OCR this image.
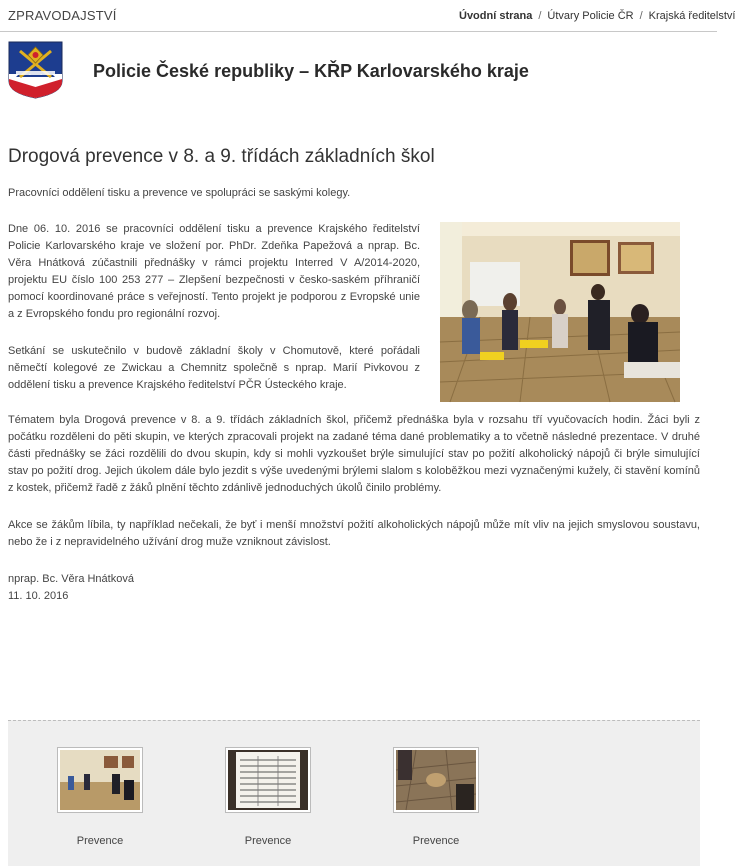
ZPRAVODAJSTVÍ	Úvodní strana / Útvary Policie ČR / Krajská ředitelství
Policie České republiky – KŘP Karlovarského kraje
Drogová prevence v 8. a 9. třídách základních škol

Pracovníci oddělení tisku a prevence ve spolupráci se saskými kolegy.

Dne 06. 10. 2016 se pracovníci oddělení tisku a prevence Krajského ředitelství Policie Karlovarského kraje ve složení por. PhDr. Zdeňka Papežová a nprap. Bc. Věra Hnátková zúčastnili přednášky v rámci projektu Interred V A/2014-2020, projektu EU číslo 100 253 277 – Zlepšení bezpečnosti v česko-saském příhraničí pomocí koordinované práce s veřejností. Tento projekt je podporou z Evropské unie a z Evropského fondu pro regionální rozvoj.

Setkání se uskutečnilo v budově základní školy v Chomutově, které pořádali němečtí kolegové ze Zwickau a Chemnitz společně s nprap. Marií Pivkovou z oddělení tisku a prevence Krajského ředitelství PČR Ústeckého kraje.

Tématem byla Drogová prevence v 8. a 9. třídách základních škol, přičemž přednáška byla v rozsahu tří vyučovacích hodin. Žáci byli z počátku rozděleni do pěti skupin, ve kterých zpracovali projekt na zadané téma dané problematiky a to včetně následné prezentace. V druhé části přednášky se žáci rozdělili do dvou skupin, kdy si mohli vyzkoušet brýle simulující stav po požití alkoholický nápojů či brýle simulující stav po požití drog. Jejich úkolem dále bylo jezdit s výše uvedenými brýlemi slalom s koloběžkou mezi vyznačenými kužely, či stavění komínů z kostek, přičemž řadě z žáků plnění těchto zdánlivě jednoduchých úkolů činilo problémy.

Akce se žákům líbila, ty například nečekali, že byť i menší množství požití alkoholických nápojů může mít vliv na jejich smyslovou soustavu, nebo že i z nepravidelného užívání drog muže vzniknout závislost.

nprap. Bc. Věra Hnátková
11. 10. 2016

Prevence	Prevence	Prevence
